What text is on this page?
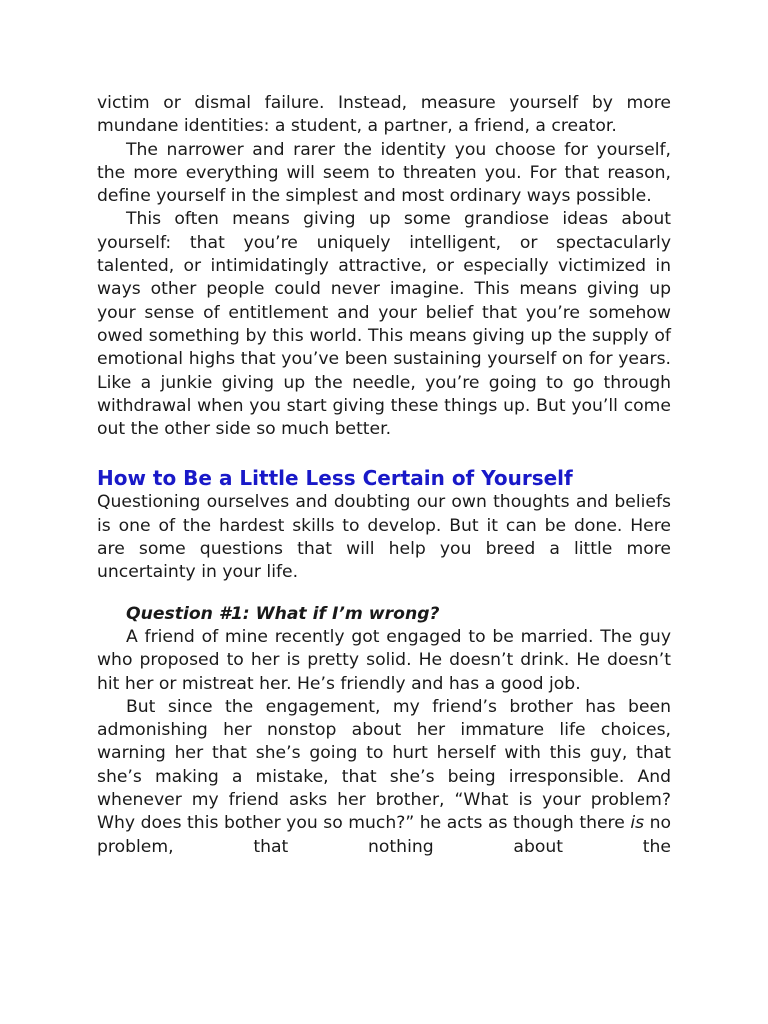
victim or dismal failure. Instead, measure yourself by more mundane identities: a student, a partner, a friend, a creator.

The narrower and rarer the identity you choose for yourself, the more everything will seem to threaten you. For that reason, define yourself in the simplest and most ordinary ways possible.

This often means giving up some grandiose ideas about yourself: that you’re uniquely intelligent, or spectacularly talented, or intimidatingly attractive, or especially victimized in ways other people could never imagine. This means giving up your sense of entitlement and your belief that you’re somehow owed something by this world. This means giving up the supply of emotional highs that you’ve been sustaining yourself on for years. Like a junkie giving up the needle, you’re going to go through withdrawal when you start giving these things up. But you’ll come out the other side so much better.

How to Be a Little Less Certain of Yourself

Questioning ourselves and doubting our own thoughts and beliefs is one of the hardest skills to develop. But it can be done. Here are some questions that will help you breed a little more uncertainty in your life.

Question #1: What if I’m wrong?

A friend of mine recently got engaged to be married. The guy who proposed to her is pretty solid. He doesn’t drink. He doesn’t hit her or mistreat her. He’s friendly and has a good job.

But since the engagement, my friend’s brother has been admonishing her nonstop about her immature life choices, warning her that she’s going to hurt herself with this guy, that she’s making a mistake, that she’s being irresponsible. And whenever my friend asks her brother, “What is your problem? Why does this bother you so much?” he acts as though there is no problem, that nothing about the
